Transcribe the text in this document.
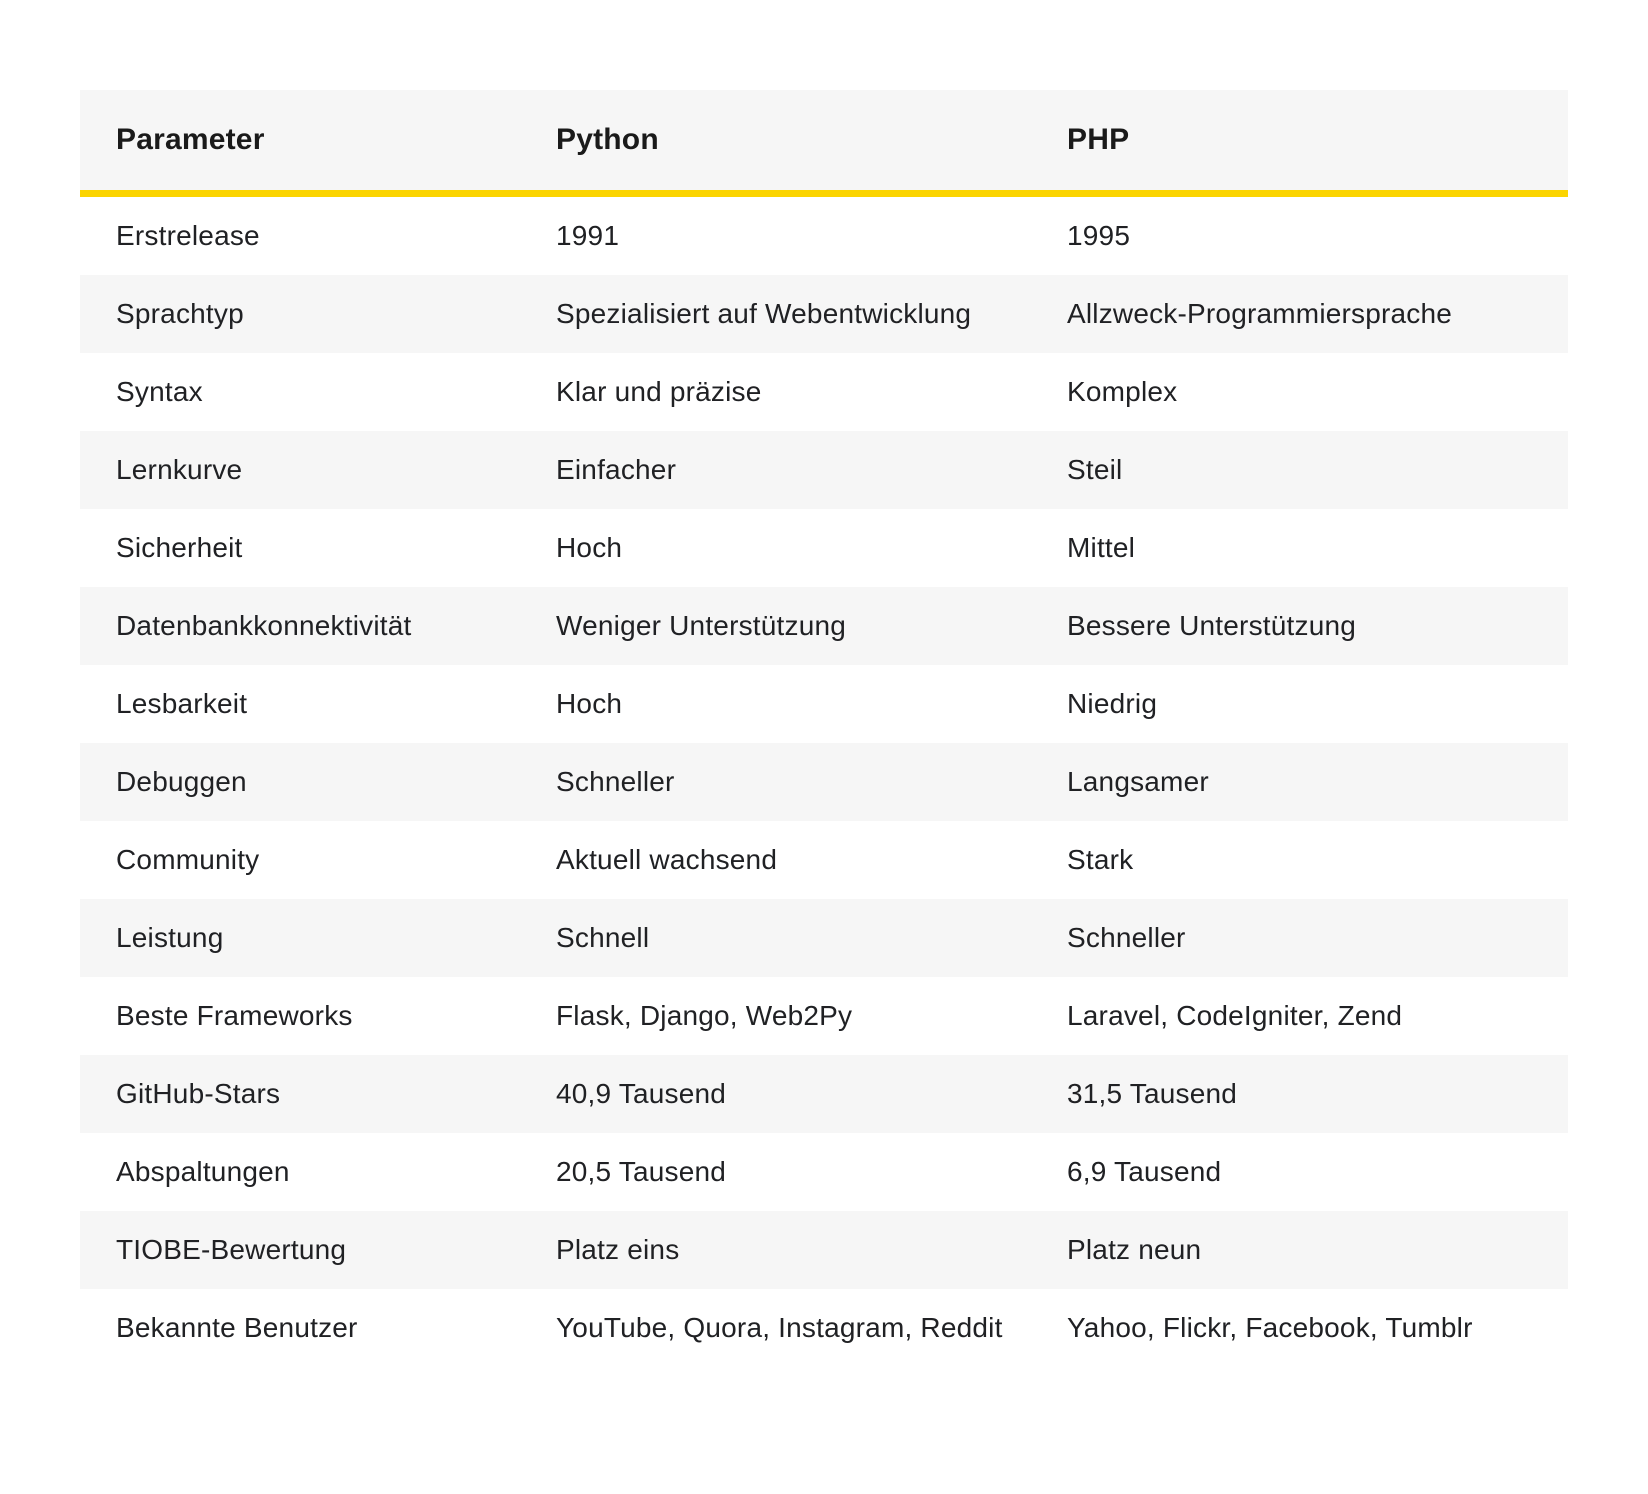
Parameter	Python	PHP
Erstrelease	1991	1995
Sprachtyp	Spezialisiert auf Webentwicklung	Allzweck-Programmiersprache
Syntax	Klar und präzise	Komplex
Lernkurve	Einfacher	Steil
Sicherheit	Hoch	Mittel
Datenbankkonnektivität	Weniger Unterstützung	Bessere Unterstützung
Lesbarkeit	Hoch	Niedrig
Debuggen	Schneller	Langsamer
Community	Aktuell wachsend	Stark
Leistung	Schnell	Schneller
Beste Frameworks	Flask, Django, Web2Py	Laravel, CodeIgniter, Zend
GitHub-Stars	40,9 Tausend	31,5 Tausend
Abspaltungen	20,5 Tausend	6,9 Tausend
TIOBE-Bewertung	Platz eins	Platz neun
Bekannte Benutzer	YouTube, Quora, Instagram, Reddit	Yahoo, Flickr, Facebook, Tumblr
